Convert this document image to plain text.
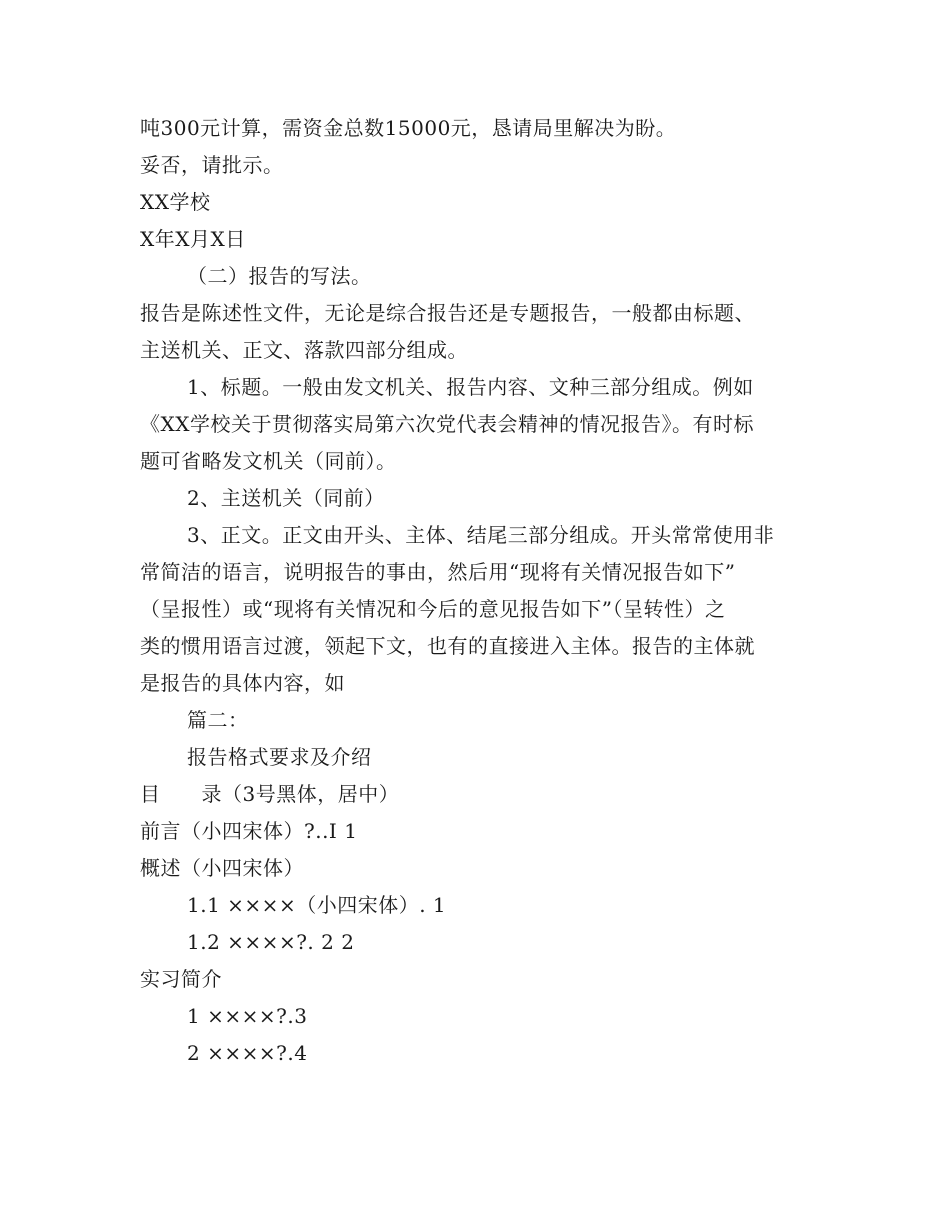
吨300元计算，需资金总数15000元，恳请局里解决为盼。
妥否，请批示。
XX学校
X年X月X日
（二）报告的写法。
报告是陈述性文件，无论是综合报告还是专题报告，一般都由标题、
主送机关、正文、落款四部分组成。
1、标题。一般由发文机关、报告内容、文种三部分组成。例如
《XX学校关于贯彻落实局第六次党代表会精神的情况报告》。有时标
题可省略发文机关（同前）。
2、主送机关（同前）
3、正文。正文由开头、主体、结尾三部分组成。开头常常使用非
常简洁的语言，说明报告的事由，然后用“现将有关情况报告如下”
（呈报性）或“现将有关情况和今后的意见报告如下”（呈转性）之
类的惯用语言过渡，领起下文，也有的直接进入主体。报告的主体就
是报告的具体内容，如
篇二：
报告格式要求及介绍
目　　录（3号黑体，居中）
前言（小四宋体）?..Ⅰ 1
概述（小四宋体）
1.1 ××××（小四宋体）. 1
1.2 ××××?. 2 2
实习简介
1 ××××?.3
2 ××××?.4
